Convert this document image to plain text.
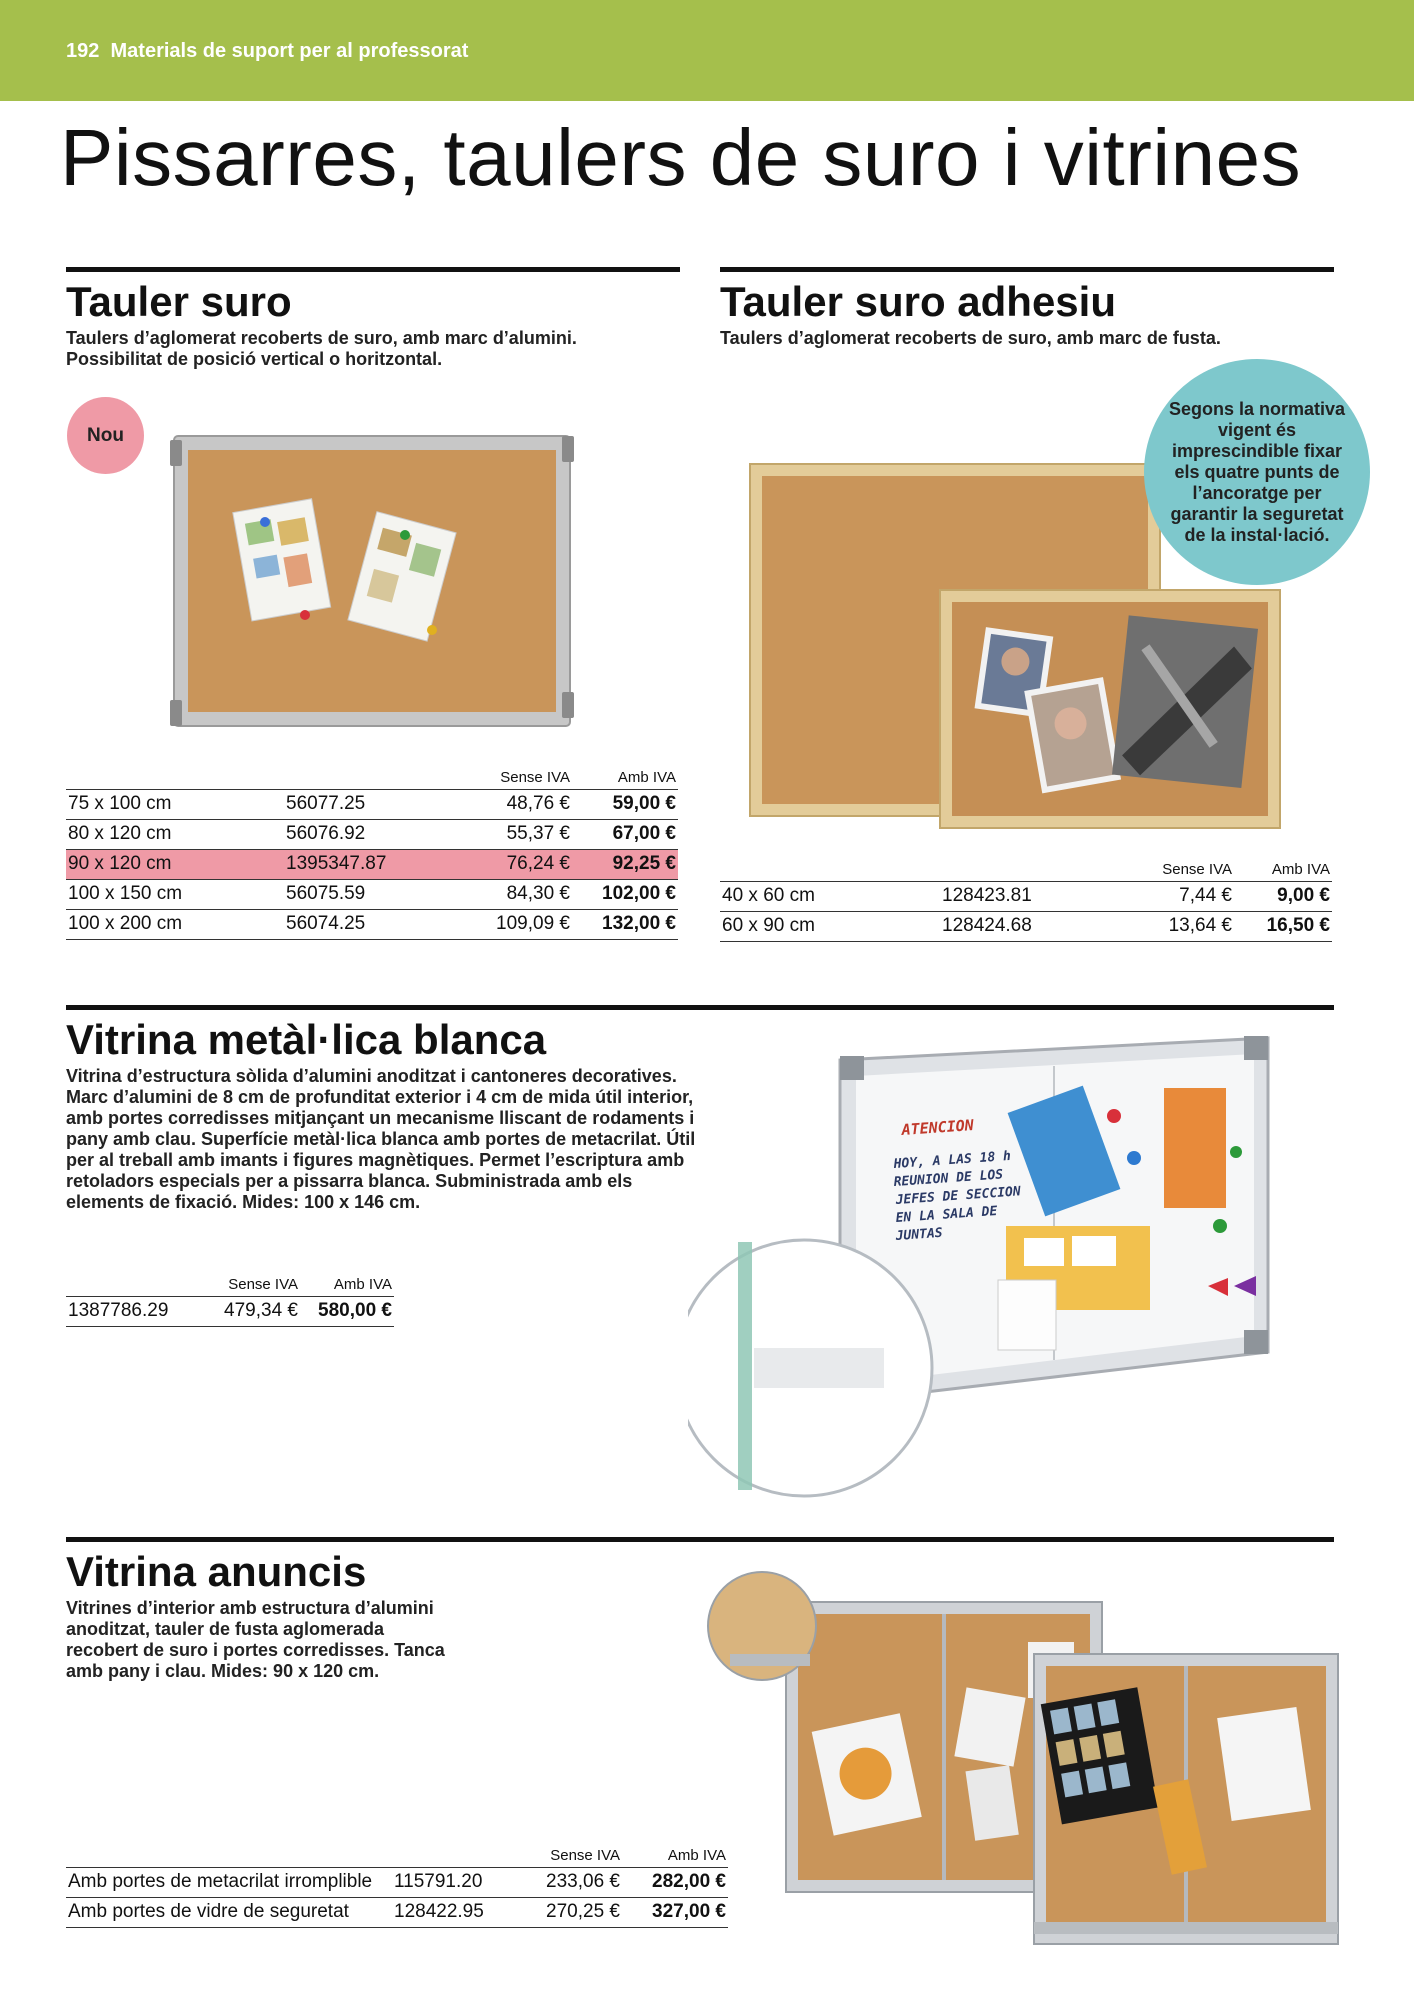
192 Materials de suport per al professorat
Pissarres, taulers de suro i vitrines
Tauler suro

Taulers d’aglomerat recoberts de suro, amb marc d’alumini. Possibilitat de posició vertical o horitzontal.

Nou
		Sense IVA	Amb IVA
75 x 100 cm	56077.25	48,76 €	59,00 €
80 x 120 cm	56076.92	55,37 €	67,00 €
90 x 120 cm	1395347.87	76,24 €	92,25 €
100 x 150 cm	56075.59	84,30 €	102,00 €
100 x 200 cm	56074.25	109,09 €	132,00 €
Tauler suro adhesiu

Taulers d’aglomerat recoberts de suro, amb marc de fusta.

Segons la normativa vigent és imprescindible fixar els quatre punts de l’ancoratge per garantir la seguretat de la instal·lació.
		Sense IVA	Amb IVA
40 x 60 cm	128423.81	7,44 €	9,00 €
60 x 90 cm	128424.68	13,64 €	16,50 €
Vitrina metàl·lica blanca

Vitrina d’estructura sòlida d’alumini anoditzat i cantoneres decoratives. Marc d’alumini de 8 cm de profunditat exterior i 4 cm de mida útil interior, amb portes corredisses mitjançant un mecanisme lliscant de rodaments i pany amb clau. Superfície metàl·lica blanca amb portes de metacrilat. Útil per al treball amb imants i figures magnètiques. Permet l’escriptura amb retoladors especials per a pissarra blanca. Subministrada amb els elements de fixació. Mides: 100 x 146 cm.

	Sense IVA	Amb IVA
1387786.29	479,34 €	580,00 €
ATENCION
HOY, A LAS 18 h
REUNION DE LOS
JEFES DE SECCION
EN LA SALA DE
JUNTAS
Vitrina anuncis

Vitrines d’interior amb estructura d’alumini anoditzat, tauler de fusta aglomerada recobert de suro i portes corredisses. Tanca amb pany i clau. Mides: 90 x 120 cm.

		Sense IVA	Amb IVA
Amb portes de metacrilat irromplible	115791.20	233,06 €	282,00 €
Amb portes de vidre de seguretat	128422.95	270,25 €	327,00 €
